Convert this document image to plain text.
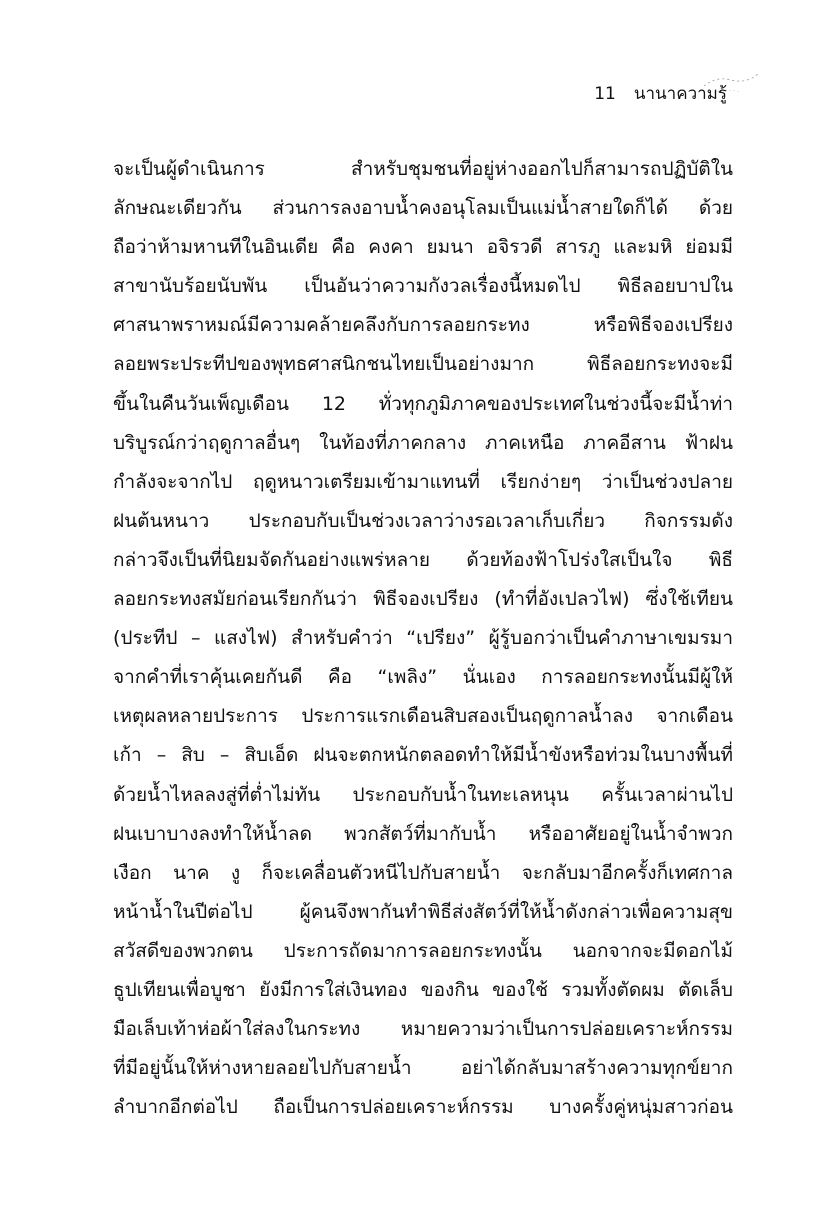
11 นานาความรู้
จะเป็นผู้ดำเนินการ สำหรับชุมชนที่อยู่ห่างออกไปก็สามารถปฏิบัติใน
ลักษณะเดียวกัน ส่วนการลงอาบน้ำคงอนุโลมเป็นแม่น้ำสายใดก็ได้ ด้วย
ถือว่าห้ามหานทีในอินเดีย คือ คงคา ยมนา อจิรวดี สารภู และมหิ ย่อมมี
สาขานับร้อยนับพัน เป็นอันว่าความกังวลเรื่องนี้หมดไป พิธีลอยบาปใน
ศาสนาพราหมณ์มีความคล้ายคลึงกับการลอยกระทง หรือพิธีจองเปรียง
ลอยพระประทีปของพุทธศาสนิกชนไทยเป็นอย่างมาก พิธีลอยกระทงจะมี
ขึ้นในคืนวันเพ็ญเดือน 12 ทั่วทุกภูมิภาคของประเทศในช่วงนี้จะมีน้ำท่า
บริบูรณ์กว่าฤดูกาลอื่นๆ ในท้องที่ภาคกลาง ภาคเหนือ ภาคอีสาน ฟ้าฝน
กำลังจะจากไป ฤดูหนาวเตรียมเข้ามาแทนที่ เรียกง่ายๆ ว่าเป็นช่วงปลาย
ฝนต้นหนาว ประกอบกับเป็นช่วงเวลาว่างรอเวลาเก็บเกี่ยว กิจกรรมดัง
กล่าวจึงเป็นที่นิยมจัดกันอย่างแพร่หลาย ด้วยท้องฟ้าโปร่งใสเป็นใจ พิธี
ลอยกระทงสมัยก่อนเรียกกันว่า พิธีจองเปรียง (ทำที่อังเปลวไฟ) ซึ่งใช้เทียน
(ประทีป – แสงไฟ) สำหรับคำว่า “เปรียง” ผู้รู้บอกว่าเป็นคำภาษาเขมรมา
จากคำที่เราคุ้นเคยกันดี คือ “เพลิง” นั่นเอง การลอยกระทงนั้นมีผู้ให้
เหตุผลหลายประการ ประการแรกเดือนสิบสองเป็นฤดูกาลน้ำลง จากเดือน
เก้า – สิบ – สิบเอ็ด ฝนจะตกหนักตลอดทำให้มีน้ำขังหรือท่วมในบางพื้นที่
ด้วยน้ำไหลลงสู่ที่ต่ำไม่ทัน ประกอบกับน้ำในทะเลหนุน ครั้นเวลาผ่านไป
ฝนเบาบางลงทำให้น้ำลด พวกสัตว์ที่มากับน้ำ หรืออาศัยอยู่ในน้ำจำพวก
เงือก นาค งู ก็จะเคลื่อนตัวหนีไปกับสายน้ำ จะกลับมาอีกครั้งก็เทศกาล
หน้าน้ำในปีต่อไป ผู้คนจึงพากันทำพิธีส่งสัตว์ที่ให้น้ำดังกล่าวเพื่อความสุข
สวัสดีของพวกตน ประการถัดมาการลอยกระทงนั้น นอกจากจะมีดอกไม้
ธูปเทียนเพื่อบูชา ยังมีการใส่เงินทอง ของกิน ของใช้ รวมทั้งตัดผม ตัดเล็บ
มือเล็บเท้าห่อผ้าใส่ลงในกระทง หมายความว่าเป็นการปล่อยเคราะห์กรรม
ที่มีอยู่นั้นให้ห่างหายลอยไปกับสายน้ำ อย่าได้กลับมาสร้างความทุกข์ยาก
ลำบากอีกต่อไป ถือเป็นการปล่อยเคราะห์กรรม บางครั้งคู่หนุ่มสาวก่อน
